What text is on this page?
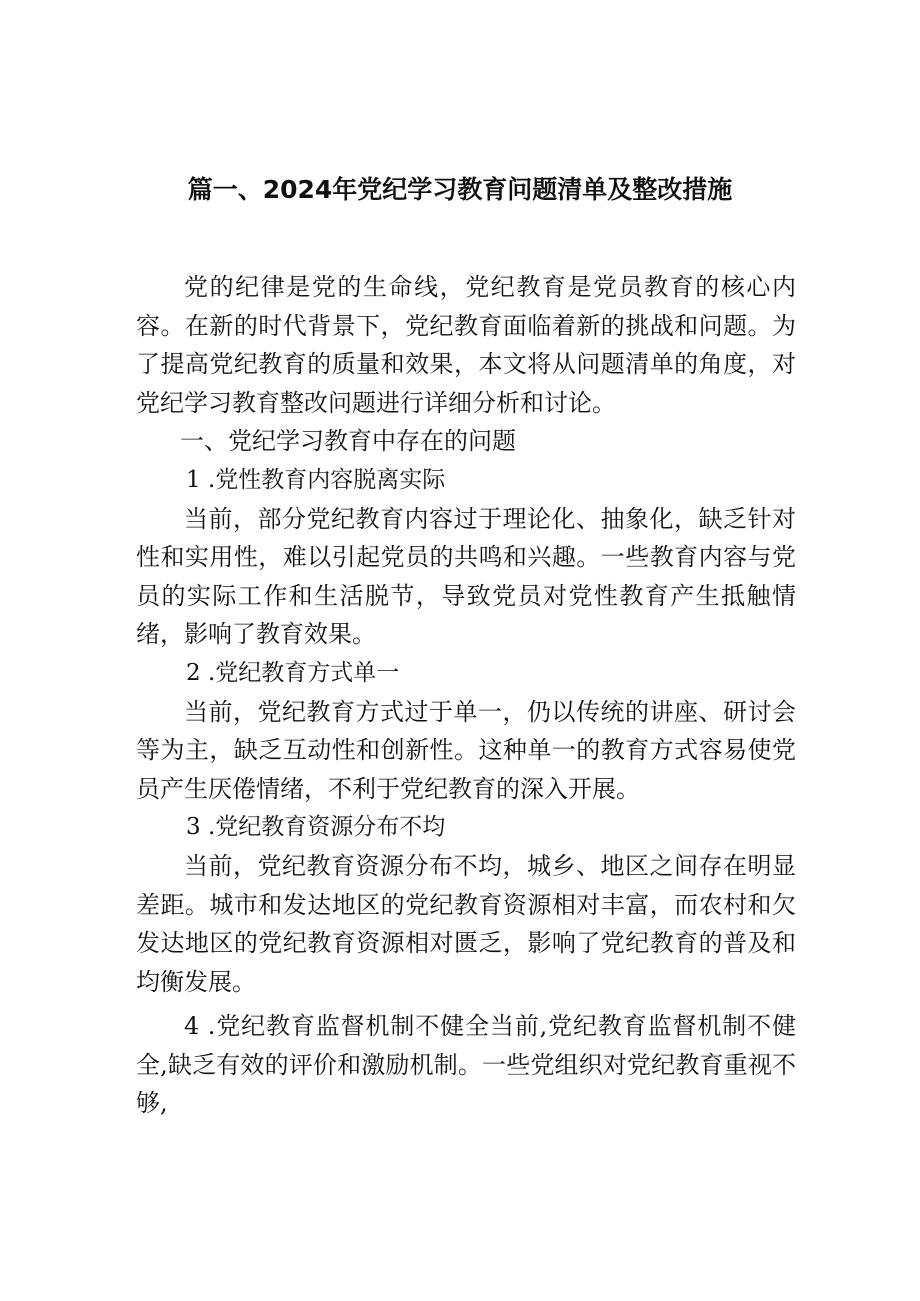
篇一、2024年党纪学习教育问题清单及整改措施

党的纪律是党的生命线，党纪教育是党员教育的核心内容。在新的时代背景下，党纪教育面临着新的挑战和问题。为了提高党纪教育的质量和效果，本文将从问题清单的角度，对党纪学习教育整改问题进行详细分析和讨论。

一、党纪学习教育中存在的问题

1 .党性教育内容脱离实际

当前，部分党纪教育内容过于理论化、抽象化，缺乏针对性和实用性，难以引起党员的共鸣和兴趣。一些教育内容与党员的实际工作和生活脱节，导致党员对党性教育产生抵触情绪，影响了教育效果。

2 .党纪教育方式单一

当前，党纪教育方式过于单一，仍以传统的讲座、研讨会等为主，缺乏互动性和创新性。这种单一的教育方式容易使党员产生厌倦情绪，不利于党纪教育的深入开展。

3 .党纪教育资源分布不均

当前，党纪教育资源分布不均，城乡、地区之间存在明显差距。城市和发达地区的党纪教育资源相对丰富，而农村和欠发达地区的党纪教育资源相对匮乏，影响了党纪教育的普及和均衡发展。

4 .党纪教育监督机制不健全当前,党纪教育监督机制不健全,缺乏有效的评价和激励机制。一些党组织对党纪教育重视不够,
